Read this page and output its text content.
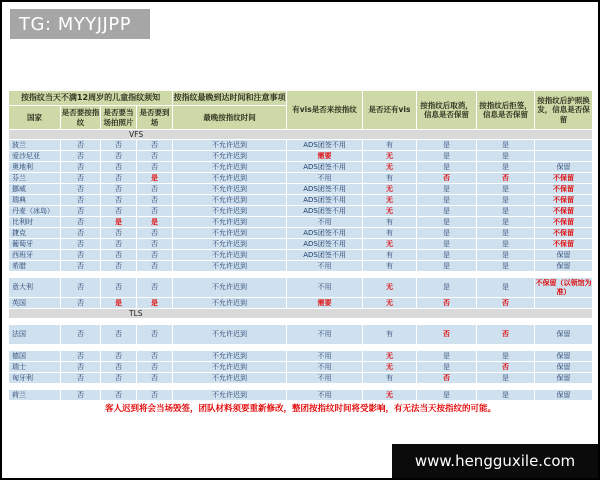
TG: MYYJJPP
按指纹当天不满12周岁的儿童指纹须知				按指纹最晚到达时间和注意事项	有vis是否来按指纹	是否还有vis	按指纹后取消，信息是否保留	按指纹后拒签，信息是否保留	按指纹后护照换发，信息是否保留
国家	是否要按指纹	是否要当场拍照片	是否要到场	最晚按指纹时间					
VFS									
波兰	否	否	否	不允许迟到	ADS团签不用	有	是	是	
爱沙尼亚	否	否	否	不允许迟到	需要	无	是	是	
奥地利	否	否	否	不允许迟到	ADS团签不用	无	是	是	保留
芬兰	否	否	是	不允许迟到	不用	有	否	否	不保留
挪威	否	否	否	不允许迟到	ADS团签不用	无	是	是	不保留
瑞典	否	否	否	不允许迟到	ADS团签不用	无	是	是	不保留
丹麦（冰岛）	否	否	否	不允许迟到	ADS团签不用	无	是	是	不保留
比利时	否	是	是	不允许迟到	不用	有	是	是	不保留
捷克	否	否	否	不允许迟到	ADS团签不用	有	是	是	不保留
葡萄牙	否	否	否	不允许迟到	ADS团签不用	无	是	是	不保留
西班牙	否	否	否	不允许迟到	ADS团签不用	有	是	是	保留
希腊	否	否	否	不允许迟到	不用	有	是	是	保留

意大利	否	否	否	不允许迟到	不用	无	是	是	不保留（以领馆为准）
英国	否	是	是	不允许迟到	需要	无	否	否	
TLS									

法国	否	否	否	不允许迟到	不用	有	否	否	保留

德国	否	否	否	不允许迟到	不用	无	是	是	保留
瑞士	否	否	否	不允许迟到	不用	无	是	否	保留
匈牙利	否	否	否	不允许迟到	不用	有	否	是	保留

荷兰	否	否	否	不允许迟到	不用	无	是	是	保留
客人迟到将会当场毁签，团队材料须要重新修改，整团按指纹时间将受影响，有无法当天按指纹的可能。									
www.hengguxile.com
